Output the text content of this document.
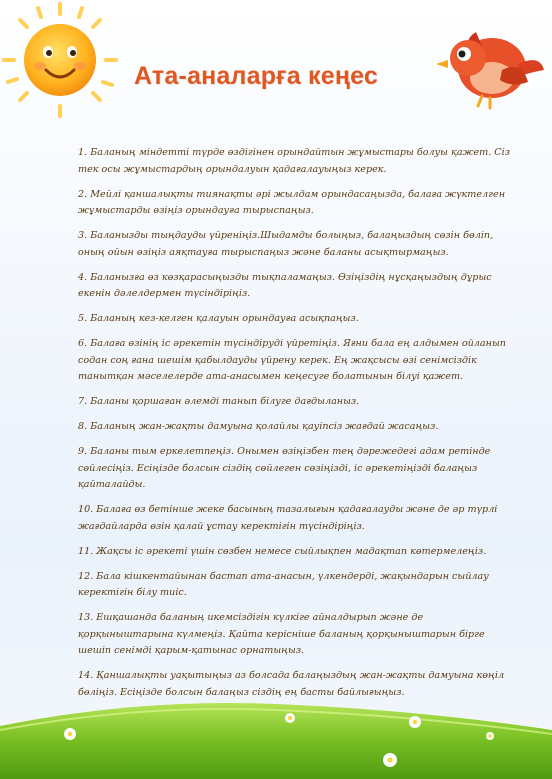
Ата-аналарға кеңес
1. Баланың міндетті түрде өздігінен орындайтын жұмыстары болуы қажет. Сіз тек осы жұмыстардың орындалуын қадағалауыңыз керек.
2. Мейлі қаншалықты тиянақты әрі жылдам орындасаңызда, балаға жүктелген жұмыстарды өзіңіз орындауға тырыспаңыз.
3. Баланызды тыңдауды үйреніңіз.Шыдамды болыңыз, балаңыздың сөзін бөліп, оның ойын өзіңіз аяқтауға тырыспаңыз және баланы асықтырмаңыз.
4. Баланызға өз көзқарасыңызды тықпаламаңыз. Өзіңіздің нұсқаңыздың дұрыс екенін дәлелдермен түсіндіріңіз.
5. Баланың кез-келген қалауын орындауға асықпаңыз.
6. Балаға өзінің іс әрекетін түсіндіруді үйретіңіз. Яғни бала ең алдымен ойланып содан соң ғана шешім қабылдауды үйрену керек. Ең жақсысы өзі сенімсіздік танытқан мәселелерде ата-анасымен кеңесуге болатынын білуі қажет.
7. Баланы қоршаған әлемді танып білуге дағдыланыз.
8. Баланың жан-жақты дамуына қолайлы қауіпсіз жағдай жасаңыз.
9. Баланы тым еркелетпеңіз. Онымен өзіңізбен тең дәрежедегі адам ретінде сөйлесіңіз. Есіңізде болсын сіздің сөйлеген сөзіңізді, іс әрекетіңізді балаңыз қайталайды.
10. Балаға өз бетінше жеке басының тазалығын қадағалауды және де әр түрлі жағдайларда өзін қалай ұстау керектігін түсіндіріңіз.
11. Жақсы іс әрекеті үшін сөзбен немесе сыйлықпен мадақтап көтермелеңіз.
12. Бала кішкентайынан бастап ата-анасын, үлкендерді, жақындарын сыйлау керектігін білу тиіс.
13. Ешқашанда баланың икемсіздігін күлкіге айналдырып және де қорқыныштарына күлмеңіз. Қайта керісніше баланың қорқыныштарын бірге шешіп сенімді қарым-қатынас орнатыңыз.
14. Қаншалықты уақытыңыз аз болсада балаңыздың жан-жақты дамуына көңіл бөліңіз. Есіңізде болсын балаңыз сіздің ең басты байлығыңыз.
